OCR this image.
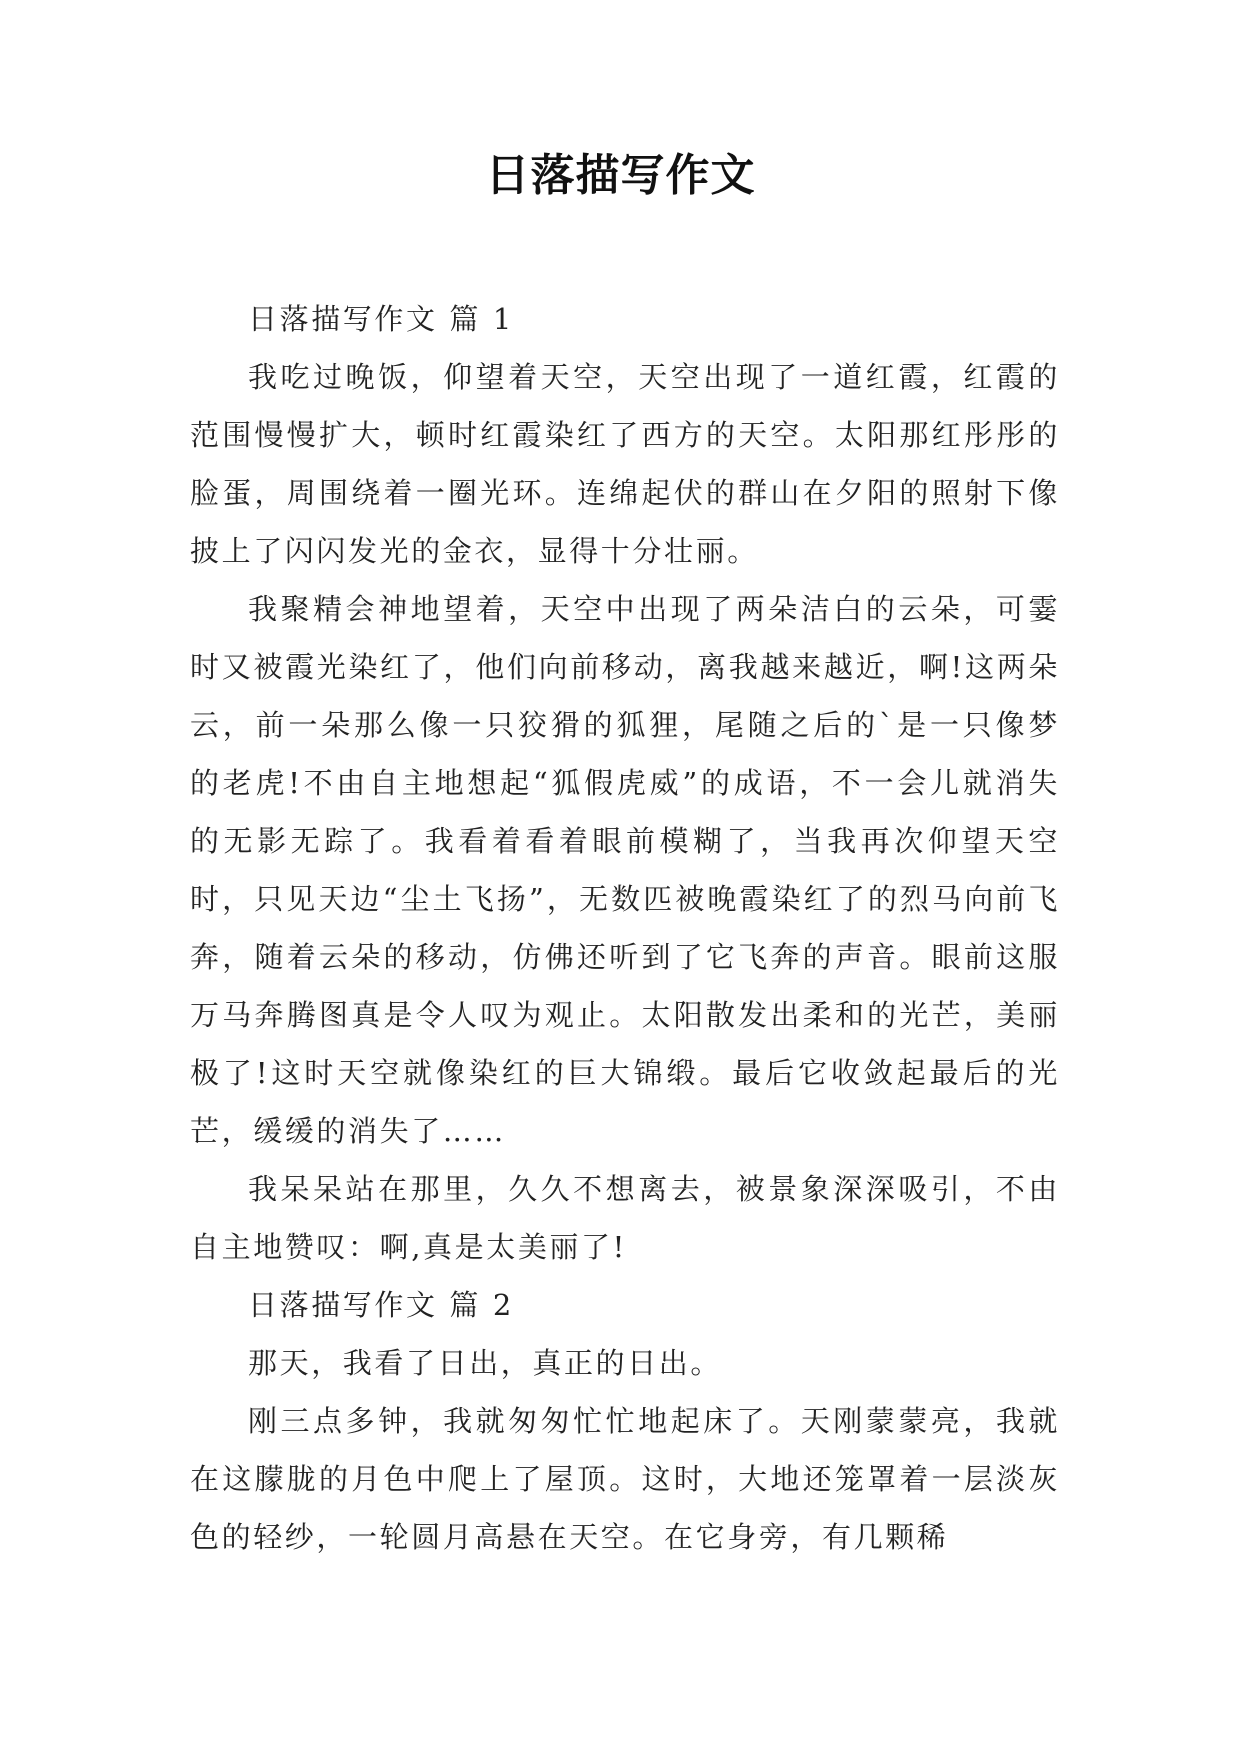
日落描写作文

日落描写作文 篇 1

我吃过晚饭，仰望着天空，天空出现了一道红霞，红霞的范围慢慢扩大，顿时红霞染红了西方的天空。太阳那红彤彤的脸蛋，周围绕着一圈光环。连绵起伏的群山在夕阳的照射下像披上了闪闪发光的金衣，显得十分壮丽。

我聚精会神地望着，天空中出现了两朵洁白的云朵，可霎时又被霞光染红了，他们向前移动，离我越来越近，啊!这两朵云，前一朵那么像一只狡猾的狐狸，尾随之后的`是一只像梦的老虎!不由自主地想起“狐假虎威”的成语，不一会儿就消失的无影无踪了。我看着看着眼前模糊了，当我再次仰望天空时，只见天边“尘土飞扬”，无数匹被晚霞染红了的烈马向前飞奔，随着云朵的移动，仿佛还听到了它飞奔的声音。眼前这服万马奔腾图真是令人叹为观止。太阳散发出柔和的光芒，美丽极了!这时天空就像染红的巨大锦缎。最后它收敛起最后的光芒，缓缓的消失了……

我呆呆站在那里，久久不想离去，被景象深深吸引，不由自主地赞叹：啊,真是太美丽了!

日落描写作文 篇 2

那天，我看了日出，真正的日出。

刚三点多钟，我就匆匆忙忙地起床了。天刚蒙蒙亮，我就在这朦胧的月色中爬上了屋顶。这时，大地还笼罩着一层淡灰色的轻纱，一轮圆月高悬在天空。在它身旁，有几颗稀
